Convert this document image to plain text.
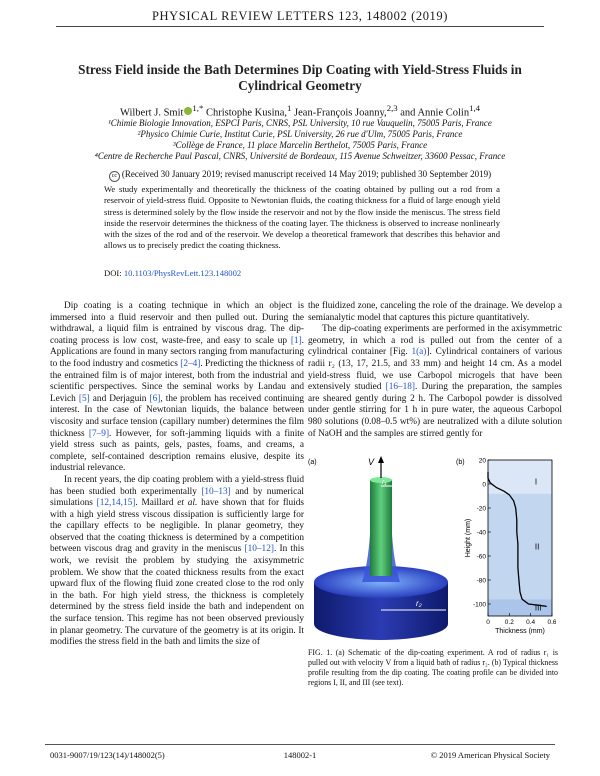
PHYSICAL REVIEW LETTERS 123, 148002 (2019)
Stress Field inside the Bath Determines Dip Coating with Yield-Stress Fluids in Cylindrical Geometry
Wilbert J. Smit $^{1,*}$ Christophe Kusina,$^1$ Jean-François Joanny,$^{2,3}$ and Annie Colin$^{1,4}$
¹Chimie Biologie Innovation, ESPCI Paris, CNRS, PSL University, 10 rue Vauquelin, 75005 Paris, France
²Physico Chimie Curie, Institut Curie, PSL University, 26 rue d'Ulm, 75005 Paris, France
³Collège de France, 11 place Marcelin Berthelot, 75005 Paris, France
⁴Centre de Recherche Paul Pascal, CNRS, Université de Bordeaux, 115 Avenue Schweitzer, 33600 Pessac, France
cc (Received 30 January 2019; revised manuscript received 14 May 2019; published 30 September 2019)
We study experimentally and theoretically the thickness of the coating obtained by pulling out a rod from a reservoir of yield-stress fluid. Opposite to Newtonian fluids, the coating thickness for a fluid of large enough yield stress is determined solely by the flow inside the reservoir and not by the flow inside the meniscus. The stress field inside the reservoir determines the thickness of the coating layer. The thickness is observed to increase nonlinearly with the sizes of the rod and of the reservoir. We develop a theoretical framework that describes this behavior and allows us to precisely predict the coating thickness.
DOI: 10.1103/PhysRevLett.123.148002

Dip coating is a coating technique in which an object is immersed into a fluid reservoir and then pulled out. During the withdrawal, a liquid film is entrained by viscous drag. The dip-coating process is low cost, waste-free, and easy to scale up [1]. Applications are found in many sectors ranging from manufacturing to the food industry and cosmetics [2–4]. Predicting the thickness of the entrained film is of major interest, both from the industrial and scientific perspectives. Since the seminal works by Landau and Levich [5] and Derjaguin [6], the problem has received continuing interest. In the case of Newtonian liquids, the balance between viscosity and surface tension (capillary number) determines the film thickness [7–9]. However, for soft-jamming liquids with a finite yield stress such as paints, gels, pastes, foams, and creams, a complete, self-contained description remains elusive, despite its industrial relevance.

In recent years, the dip coating problem with a yield-stress fluid has been studied both experimentally [10–13] and by numerical simulations [12,14,15]. Maillard et al. have shown that for fluids with a high yield stress viscous dissipation is sufficiently large for the capillary effects to be negligible. In planar geometry, they observed that the coating thickness is determined by a competition between viscous drag and gravity in the meniscus [10–12]. In this work, we revisit the problem by studying the axisymmetric problem. We show that the coated thickness results from the exact upward flux of the flowing fluid zone created close to the rod only in the bath. For high yield stress, the thickness is completely determined by the stress field inside the bath and independent on the surface tension. This regime has not been observed previously in planar geometry. The curvature of the geometry is at its origin. It modifies the stress field in the bath and limits the size of

the fluidized zone, canceling the role of the drainage. We develop a semianalytic model that captures this picture quantitatively.

The dip-coating experiments are performed in the axisymmetric geometry, in which a rod is pulled out from the center of a cylindrical container [Fig. 1(a)]. Cylindrical containers of various radii r₂ (13, 17, 21.5, and 33 mm) and height 14 cm. As a model yield-stress fluid, we use Carbopol microgels that have been extensively studied [16–18]. During the preparation, the samples are sheared gently during 2 h. The Carbopol powder is dissolved under gentle stirring for 1 h in pure water, the aqueous Carbopol 980 solutions (0.08–0.5 wt%) are neutralized with a dilute solution of NaOH and the samples are stirred gently for

(a)	V
r₁
r₂
(b)
I
II
III
20
0
-20
-40
-60
-80
-100
0 0.2 0.4 0.6
Thickness (mm)
Height (mm)
FIG. 1. (a) Schematic of the dip-coating experiment. A rod of radius r₁ is pulled out with velocity V from a liquid bath of radius r₂. (b) Typical thickness profile resulting from the dip coating. The coating profile can be divided into regions I, II, and III (see text).
0031-9007/19/123(14)/148002(5)	148002-1	© 2019 American Physical Society
